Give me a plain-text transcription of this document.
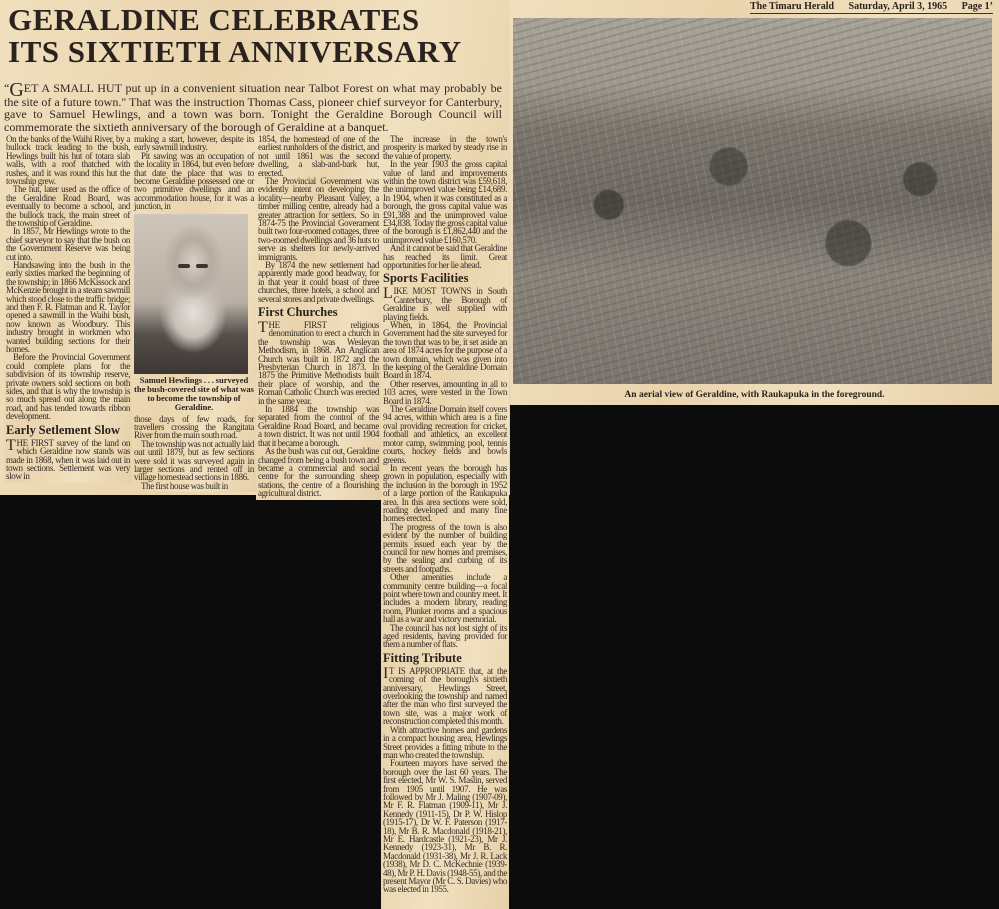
GERALDINE CELEBRATES
ITS SIXTIETH ANNIVERSARY
“GET A SMALL HUT put up in a convenient situation near Talbot Forest on what may probably be the site of a future town." That was the instruction Thomas Cass, pioneer chief surveyor for Canterbury, gave to Samuel Hewlings, and a town was born. Tonight the Geraldine Borough Council will commemorate the sixtieth anniversary of the borough of Geraldine at a banquet.

On the banks of the Waihi River, by a bullock track leading to the bush, Hewlings built his hut of totara slab walls, with a roof thatched with rushes, and it was round this hut the township grew.

The hut, later used as the office of the Geraldine Road Board, was eventually to become a school, and the bullock track, the main street of the township of Geraldine.

In 1857, Mr Hewlings wrote to the chief surveyor to say that the bush on the Government Reserve was being cut into.

Handsawing into the bush in the early sixties marked the beginning of the township; in 1866 McKissock and McKenzie brought in a steam sawmill which stood close to the traffic bridge; and then F. R. Flatman and R. Taylor opened a sawmill in the Waihi bush, now known as Woodbury. This industry brought in workmen who wanted building sections for their homes.

Before the Provincial Government could complete plans for the subdivision of its township reserve, private owners sold sections on both sides, and that is why the township is so much spread out along the main road, and has tended towards ribbon development.

Early Setlement Slow

THE FIRST survey of the land on which Geraldine now stands was made in 1868, when it was laid out in town sections. Settlement was very slow in

making a start, however, despite its early sawmill industry.

Pit sawing was an occupation of the locality in 1864, but even before that date the place that was to become Geraldine possessed one or two primitive dwellings and an accommodation house, for it was a junction, in

Samuel Hewlings . . . surveyed the bush-covered site of what was to become the township of Geraldine.

those days of few roads, for travellers crossing the Rangitata River from the main south road.

The township was not actually laid out until 1879, but as few sections were sold it was surveyed again in larger sections and rented off in village homestead sections in 1886.

The first house was built in

1854, the homestead of one of the earliest runholders of the district, and not until 1861 was the second dwelling, a slab-and-bark hut, erected.

The Provincial Government was evidently intent on developing the locality—nearby Pleasant Valley, a timber milling centre, already had a greater attraction for settlers. So in 1874-75 the Provincial Goverament built two four-roomed cottages, three two-roomed dwellings and 36 huts to serve as shelters for newly-arrived immigrants.

By 1874 the new settlement had apparently made good headway, for in that year it could boast of three churches, three hotels, a school and several stores and private dwellings.

First Churches

THE FIRST religious denomination to erect a church in the township was Wesleyan Methodism, in 1868. An Anglican Church was built in 1872 and the Presbyterian Church in 1873. In 1875 the Primitive Methodists built their place of worship, and the Roman Catholic Church was erected in the same year.

In 1884 the township was separated from the control of the Geraldine Road Board, and became a town district. It was not until 1904 that it became a borough.

As the bush was cut out, Geraldine changed from being a bush town and became a commercial and social centre for the surrounding sheep stations, the centre of a flourishing agricultural district.

The increase in the town's prosperity is marked by steady rise in the value of property.

In the year 1903 the gross capital value of land and improvements within the town district was £59,618, the unimproved value being £14,689. In 1904, when it was constituted as a borough, the gross capital value was £91,388 and the unimproved value £34,838. Today the gross capital value of the borough is £1,862,440 and the unimproved value £160,570.

And it cannot be said that Geraldine has reached its limit. Great opportunities for her lie ahead.

Sports Facilities

LIKE MOST TOWNS in South Canterbury, the Borough of Geraldine is well supplied with playing fields.

When, in 1864, the Provincial Government had the site surveyed for the town that was to be, it set aside an area of 1874 acres for the purpose of a town domain, which was given into the keeping of the Geraldine Domain Board in 1874.

Other reserves, amounting in all to 103 acres, were vested in the Town Board in 1874.

The Geraldine Domain itself covers 94 acres, within which area is a fine oval providing recreation for cricket, football and athletics, an excellent motor camp, swimming pool, tennis courts, hockey fields and bowls greens.

In recent years the borough has grown in population, especially with the inclusion in the borough in 1952 of a large portion of the Raukapuka area. In this area sections were sold, roading developed and many fine homes erected.

The progress of the town is also evident by the number of building permits issued each year by the council for new homes and premises, by the sealing and curbing of its streets and footpaths.

Other amenities include a community centre building—a focal point where town and country meet. It includes a modern library, reading room, Plunket rooms and a spacious hall as a war and victory memorial.

The council has not lost sight of its aged residents, having provided for them a number of flats.

Fitting Tribute

I T IS APPROPRIATE that, at the coming of the borough's sixtieth anniversary, Hewlings Street, overlooking the township and named after the man who first surveyed the town site, was a major work of reconstruction completed this month.

With attractive homes and gardens in a compact housing area, Hewlings Street provides a fitting tribute to the man who created the township.

Fourteen mayors have served the borough over the last 60 years. The first elected, Mr W. S. Maslin, served from 1905 until 1907. He was followed by Mr J. Maling (1907-09), Mr F. R. Flatman (1909-11), Mr J. Kennedy (1911-15), Dr P. W. Hislop (1915-17), Dr W. F. Paterson (1917-18), Mr B. R. Macdonald (1918-21), Mr E. Hardcastle (1921-23), Mr J. Kennedy (1923-31), Mr B. R. Macdonald (1931-38), Mr J. R. Lack (1938), Mr D. C. McKechnie (1939-48), Mr P. H. Davis (1948-55), and the present Mayor (Mr C. S. Davies) who was elected in 1955.

The Timaru Herald Saturday, April 3, 1965 Page 1’
An aerial view of Geraldine, with Raukapuka in the foreground.
